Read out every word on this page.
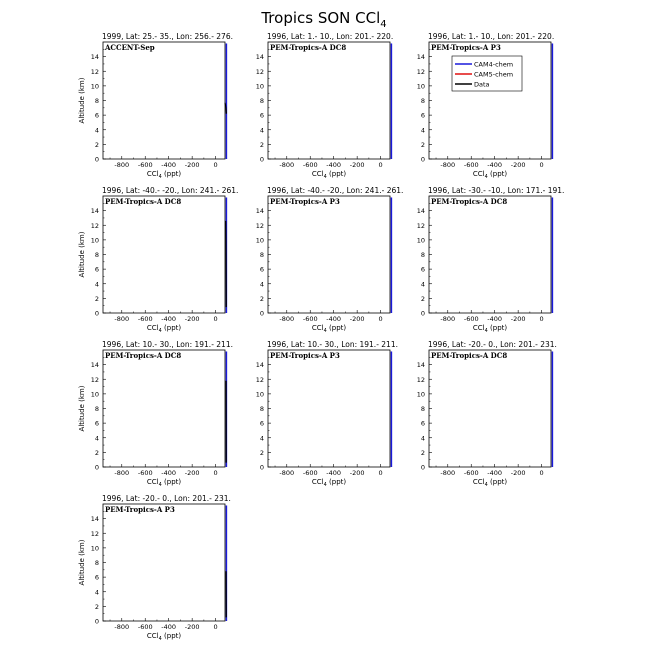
Tropics SON CCl$_4$
1999, Lat: 25.- 35., Lon: 256.- 276.
ACCENT-Sep
-800 -600 -400 -200 0
0
2
4
6
8
10
12
14
CCl$_4$ (ppt)
Altitude (km)
1996, Lat: 1.- 10., Lon: 201.- 220.
PEM-Tropics-A DC8
-800 -600 -400 -200 0
0
2
4
6
8
10
12
14
CCl$_4$ (ppt)
1996, Lat: 1.- 10., Lon: 201.- 220.
PEM-Tropics-A P3
-800 -600 -400 -200 0
0
2
4
6
8
10
12
14
CCl$_4$ (ppt)
CAM4-chem
CAM5-chem
Data
1996, Lat: -40.- -20., Lon: 241.- 261.
PEM-Tropics-A DC8
-800 -600 -400 -200 0
0
2
4
6
8
10
12
14
CCl$_4$ (ppt)
Altitude (km)
1996, Lat: -40.- -20., Lon: 241.- 261.
PEM-Tropics-A P3
-800 -600 -400 -200 0
0
2
4
6
8
10
12
14
CCl$_4$ (ppt)
1996, Lat: -30.- -10., Lon: 171.- 191.
PEM-Tropics-A DC8
-800 -600 -400 -200 0
0
2
4
6
8
10
12
14
CCl$_4$ (ppt)
1996, Lat: 10.- 30., Lon: 191.- 211.
PEM-Tropics-A DC8
-800 -600 -400 -200 0
0
2
4
6
8
10
12
14
CCl$_4$ (ppt)
Altitude (km)
1996, Lat: 10.- 30., Lon: 191.- 211.
PEM-Tropics-A P3
-800 -600 -400 -200 0
0
2
4
6
8
10
12
14
CCl$_4$ (ppt)
1996, Lat: -20.- 0., Lon: 201.- 231.
PEM-Tropics-A DC8
-800 -600 -400 -200 0
0
2
4
6
8
10
12
14
CCl$_4$ (ppt)
1996, Lat: -20.- 0., Lon: 201.- 231.
PEM-Tropics-A P3
-800 -600 -400 -200 0
0
2
4
6
8
10
12
14
CCl$_4$ (ppt)
Altitude (km)
